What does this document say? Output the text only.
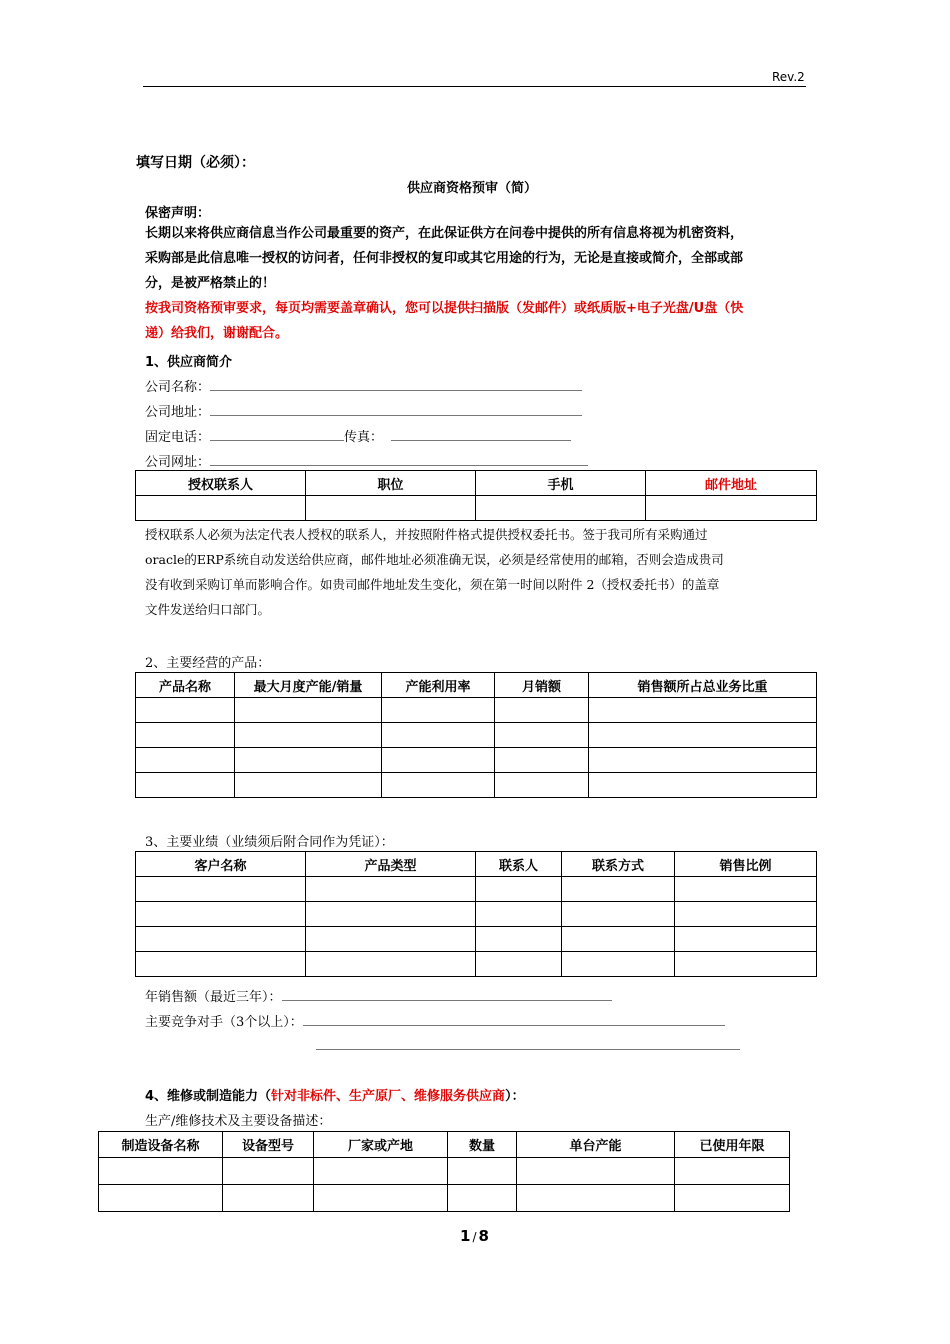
Rev.2
填写日期（必须）：
供应商资格预审（简）
保密声明：
长期以来将供应商信息当作公司最重要的资产，在此保证供方在问卷中提供的所有信息将视为机密资料，
采购部是此信息唯一授权的访问者，任何非授权的复印或其它用途的行为，无论是直接或简介，全部或部
分，是被严格禁止的！
按我司资格预审要求，每页均需要盖章确认，您可以提供扫描版（发邮件）或纸质版+电子光盘/U盘（快
递）给我们，谢谢配合。
1、供应商简介
公司名称：
公司地址：
固定电话：	传真：
公司网址：
授权联系人	职位	手机	邮件地址

授权联系人必须为法定代表人授权的联系人，并按照附件格式提供授权委托书。签于我司所有采购通过
oracle的ERP系统自动发送给供应商，邮件地址必须准确无误，必须是经常使用的邮箱，否则会造成贵司
没有收到采购订单而影响合作。如贵司邮件地址发生变化，须在第一时间以附件 2（授权委托书）的盖章
文件发送给归口部门。
2、主要经营的产品：
产品名称	最大月度产能/销量	产能利用率	月销额	销售额所占总业务比重

3、主要业绩（业绩须后附合同作为凭证）：
客户名称	产品类型	联系人	联系方式	销售比例

年销售额（最近三年）：
主要竞争对手（3个以上）：
4、维修或制造能力（针对非标件、生产原厂、维修服务供应商）：
生产/维修技术及主要设备描述：
制造设备名称	设备型号	厂家或产地	数量	单台产能	已使用年限

1 / 8
